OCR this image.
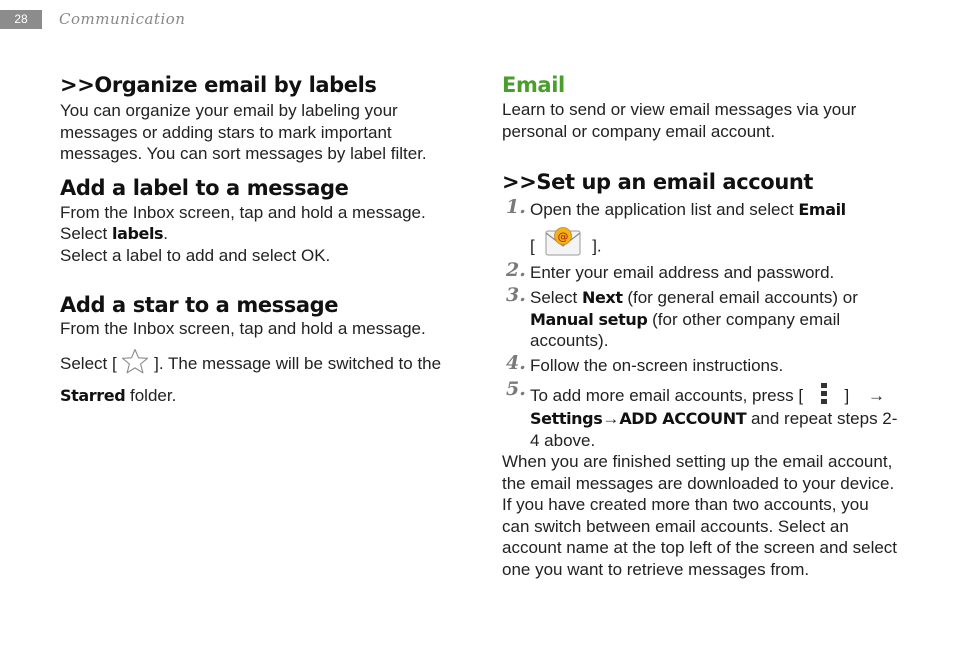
28	Communication
>>Organize email by labels

You can organize your email by labeling your messages or adding stars to mark important messages. You can sort messages by label filter.

Add a label to a message

From the Inbox screen, tap and hold a message.

Select labels.

Select a label to add and select OK.

Add a star to a message

From the Inbox screen, tap and hold a message.

Select [  ]. The message will be switched to the

Starred folder.

Email

Learn to send or view email messages via your personal or company email account.

>>Set up an email account
1. Open the application list and select Email
[ @ ].
2. Enter your email address and password.
3. Select Next (for general email accounts) or Manual setup (for other company email accounts).
4. Follow the on-screen instructions.
5. To add more email accounts, press [ ] →
Settings→ADD ACCOUNT and repeat steps 2-4 above.

When you are finished setting up the email account, the email messages are downloaded to your device. If you have created more than two accounts, you can switch between email accounts. Select an account name at the top left of the screen and select one you want to retrieve messages from.
